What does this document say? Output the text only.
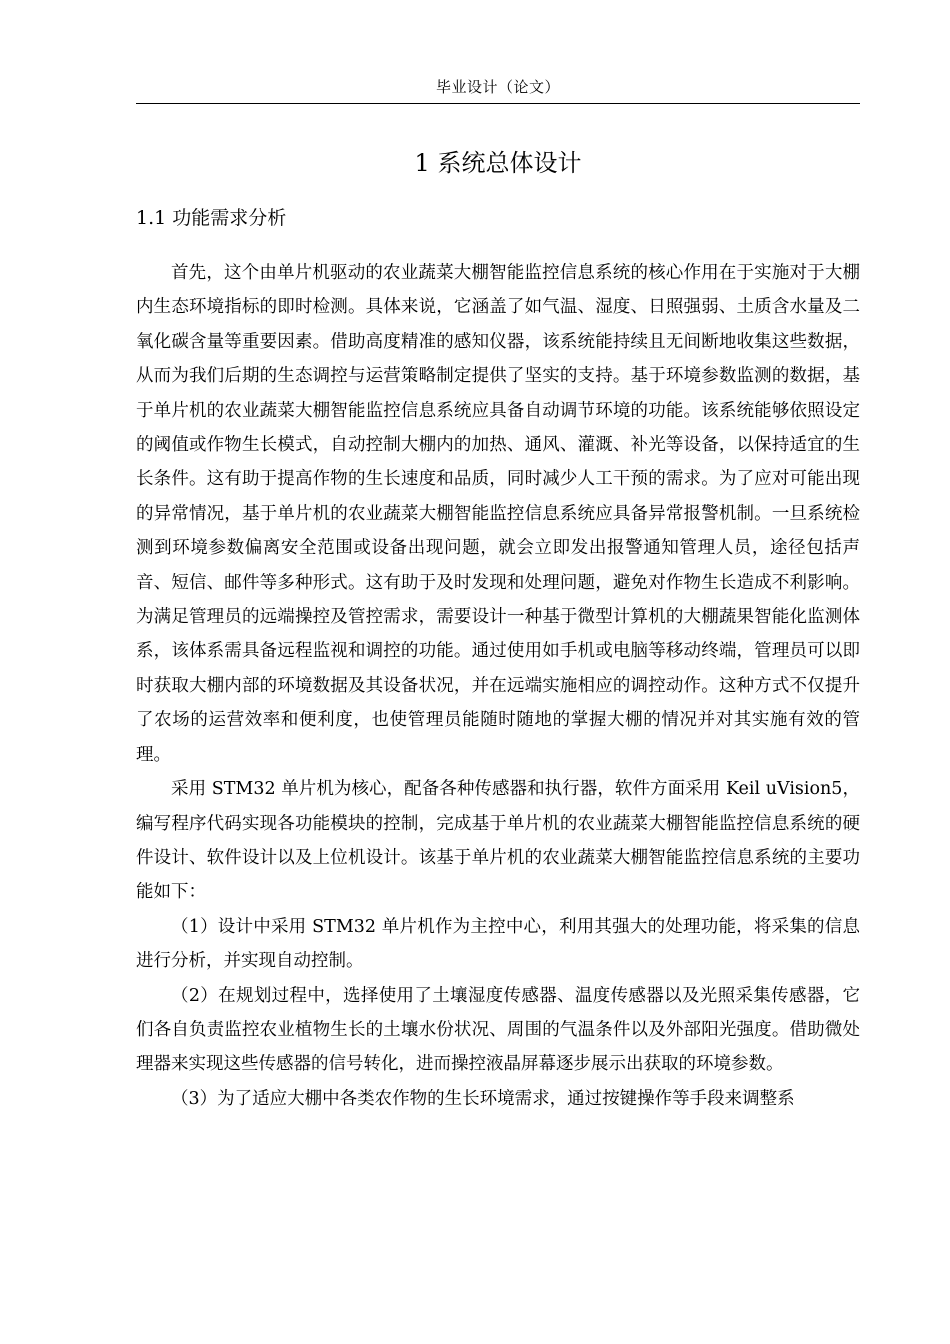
毕业设计（论文）
1 系统总体设计
1.1 功能需求分析

首先，这个由单片机驱动的农业蔬菜大棚智能监控信息系统的核心作用在于实施对于大棚内生态环境指标的即时检测。具体来说，它涵盖了如气温、湿度、日照强弱、土质含水量及二氧化碳含量等重要因素。借助高度精准的感知仪器，该系统能持续且无间断地收集这些数据，从而为我们后期的生态调控与运营策略制定提供了坚实的支持。基于环境参数监测的数据，基于单片机的农业蔬菜大棚智能监控信息系统应具备自动调节环境的功能。该系统能够依照设定的阈值或作物生长模式，自动控制大棚内的加热、通风、灌溉、补光等设备，以保持适宜的生长条件。这有助于提高作物的生长速度和品质，同时减少人工干预的需求。为了应对可能出现的异常情况，基于单片机的农业蔬菜大棚智能监控信息系统应具备异常报警机制。一旦系统检测到环境参数偏离安全范围或设备出现问题，就会立即发出报警通知管理人员，途径包括声音、短信、邮件等多种形式。这有助于及时发现和处理问题，避免对作物生长造成不利影响。为满足管理员的远端操控及管控需求，需要设计一种基于微型计算机的大棚蔬果智能化监测体系，该体系需具备远程监视和调控的功能。通过使用如手机或电脑等移动终端，管理员可以即时获取大棚内部的环境数据及其设备状况，并在远端实施相应的调控动作。这种方式不仅提升了农场的运营效率和便利度，也使管理员能随时随地的掌握大棚的情况并对其实施有效的管理。

采用 STM32 单片机为核心，配备各种传感器和执行器，软件方面采用 Keil uVision5，编写程序代码实现各功能模块的控制，完成基于单片机的农业蔬菜大棚智能监控信息系统的硬件设计、软件设计以及上位机设计。该基于单片机的农业蔬菜大棚智能监控信息系统的主要功能如下：

（1）设计中采用 STM32 单片机作为主控中心，利用其强大的处理功能，将采集的信息进行分析，并实现自动控制。

（2）在规划过程中，选择使用了土壤湿度传感器、温度传感器以及光照采集传感器，它们各自负责监控农业植物生长的土壤水份状况、周围的气温条件以及外部阳光强度。借助微处理器来实现这些传感器的信号转化，进而操控液晶屏幕逐步展示出获取的环境参数。

（3）为了适应大棚中各类农作物的生长环境需求，通过按键操作等手段来调整系
